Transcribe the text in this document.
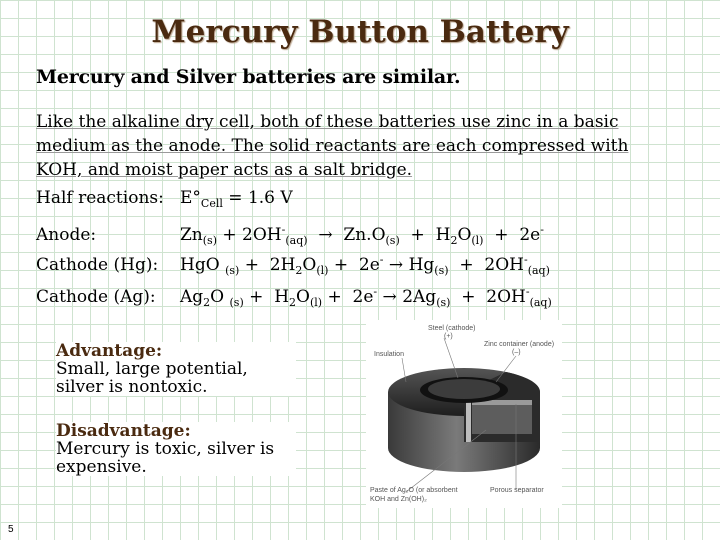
Mercury Button Battery
Mercury and Silver batteries are similar.
Like the alkaline dry cell, both of these batteries use zinc in a basic medium as the anode. The solid reactants are each compressed with KOH, and moist paper acts as a salt bridge.
Half reactions: $E^\circ_{Cell} = 1.6$ V
Anode:	$Zn_{(s)} + 2OH^-_{(aq)} \to Zn.O_{(s)} + H_2O_{(l)} + 2e^-$
Cathode (Hg): HgO $_{(s)} + 2H_2O_{(l)} + 2e^- \to Hg_{(s)} + 2OH^-_{(aq)}$
Cathode (Ag): $Ag_2O$ $_{(s)} + H_2O_{(l)} + 2e^- \to 2Ag_{(s)} + 2OH^-_{(aq)}$
Advantage:
Small, large potential, silver is nontoxic.
Disadvantage:
Mercury is toxic, silver is expensive.
Steel (cathode)
(+)
Insulation
Zinc container (anode)
(–)
Paste of Ag₂O (or absorbent
KOH and Zn(OH)₂
Porous separator
5
